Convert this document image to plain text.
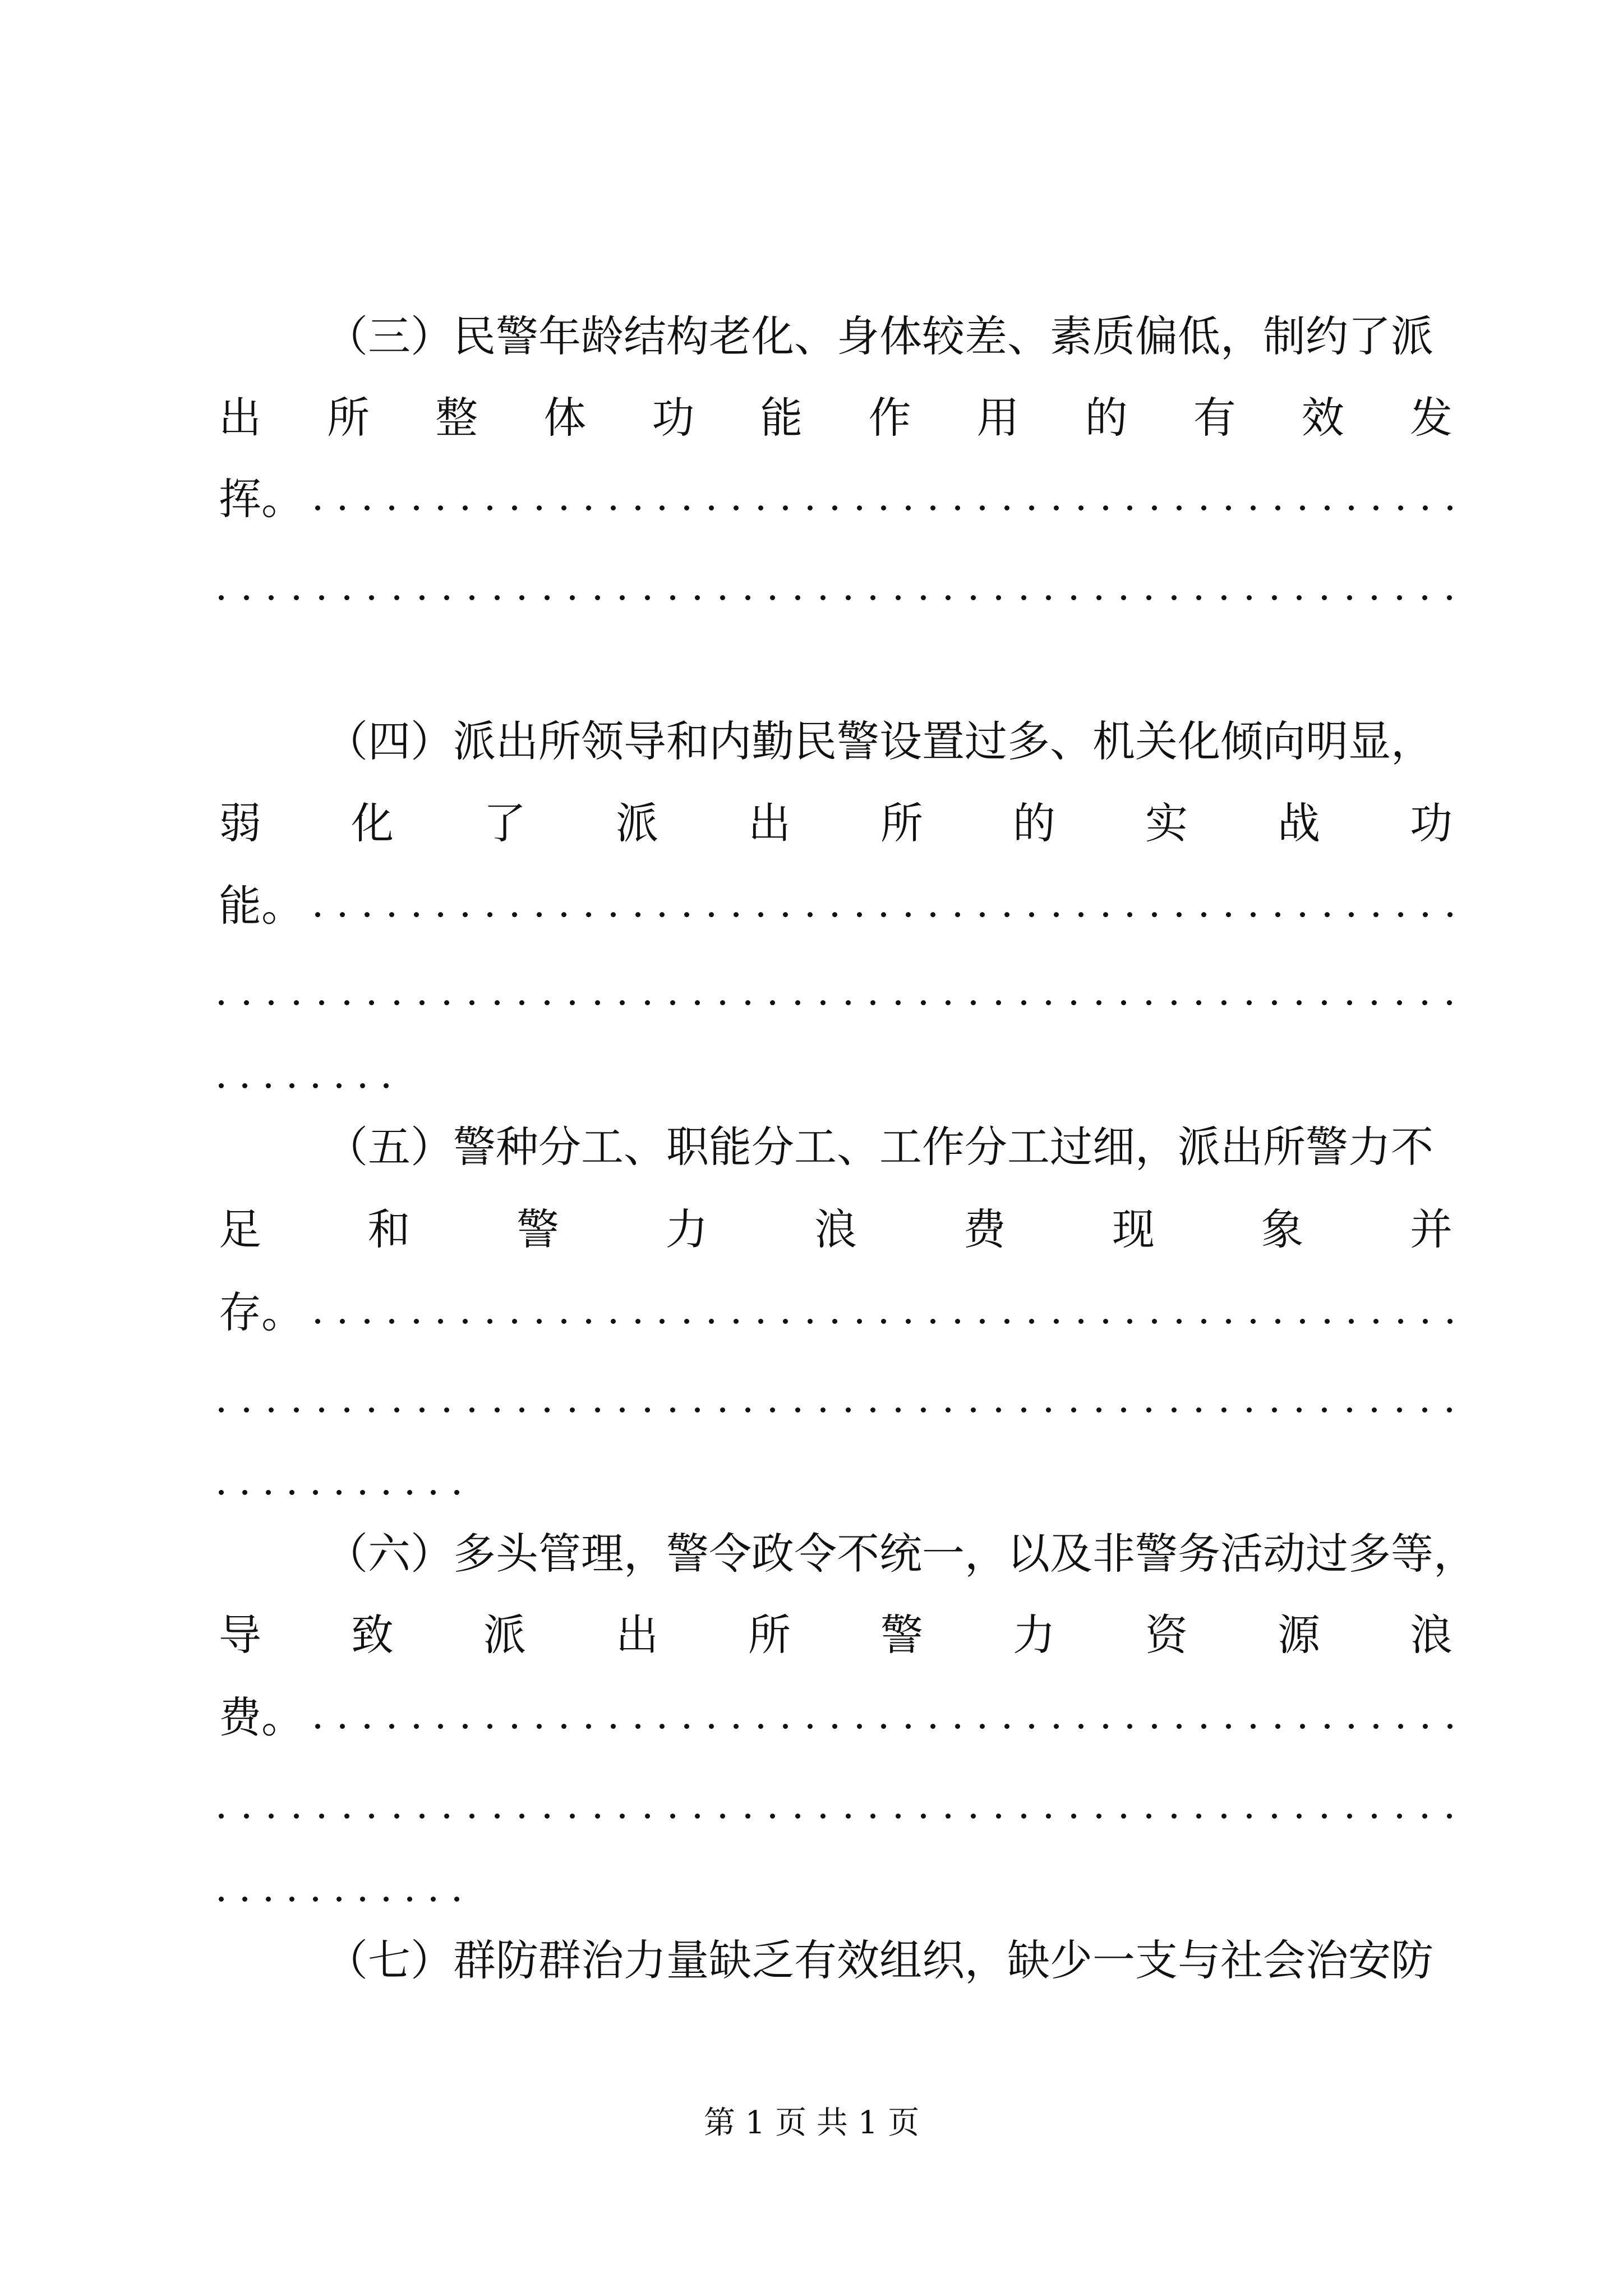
（三）民警年龄结构老化、身体较差、素质偏低，制约了派
出 所 整 体 功 能 作 用 的 有 效 发
挥。
（四）派出所领导和内勤民警设置过多、机关化倾向明显，
弱 化 了 派 出 所 的 实 战 功
能。
（五）警种分工、职能分工、工作分工过细，派出所警力不
足 和 警 力 浪 费 现 象 并
存。
（六）多头管理，警令政令不统一，以及非警务活动过多等，
导 致 派 出 所 警 力 资 源 浪
费。
（七）群防群治力量缺乏有效组织，缺少一支与社会治安防
第 1 页 共 1 页
